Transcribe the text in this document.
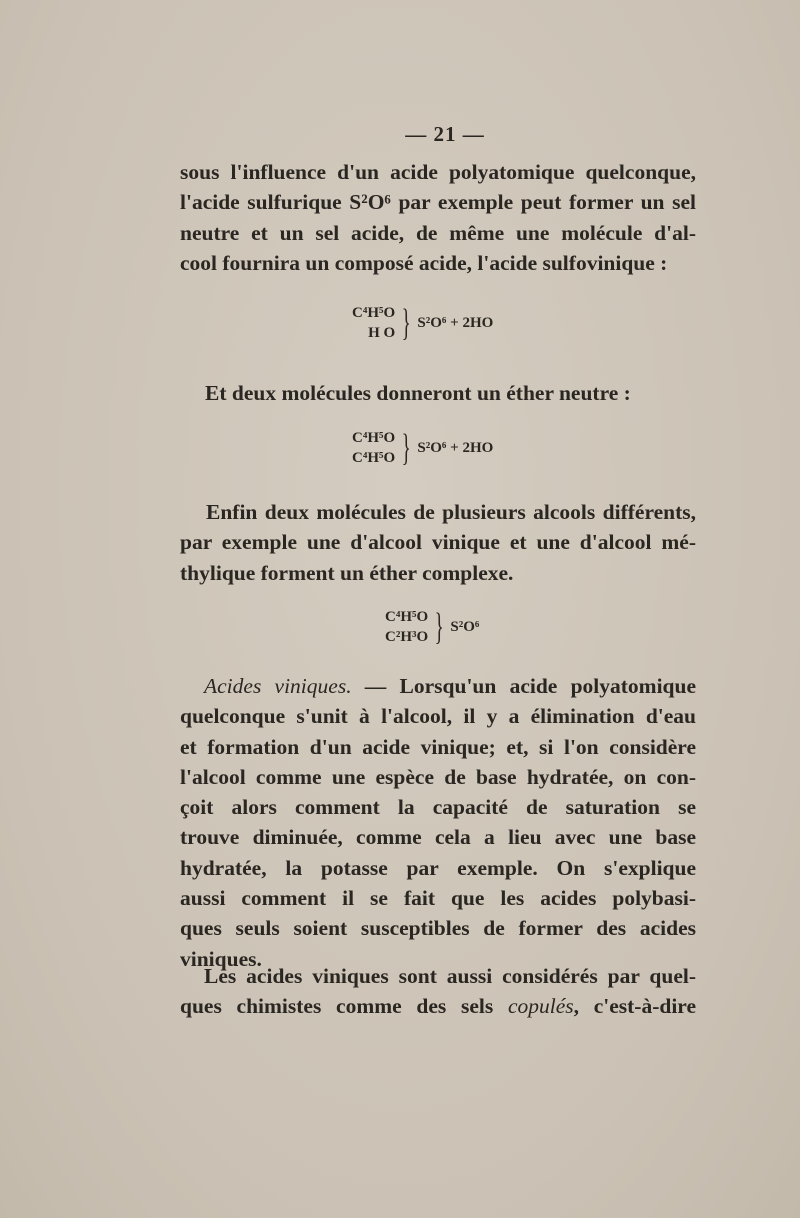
— 21 —
sous l'influence d'un acide polyatomique quelconque,
l'acide sulfurique S²O⁶ par exemple peut former un sel
neutre et un sel acide, de même une molécule d'al-
cool fournira un composé acide, l'acide sulfovinique :
C⁴H⁵O
H O } S²O⁶ + 2HO
Et deux molécules donneront un éther neutre :
C⁴H⁵O
C⁴H⁵O } S²O⁶ + 2HO
Enfin deux molécules de plusieurs alcools différents,
par exemple une d'alcool vinique et une d'alcool mé-
thylique forment un éther complexe.
C⁴H⁵O
C²H³O } S²O⁶
Acides viniques. — Lorsqu'un acide polyatomique
quelconque s'unit à l'alcool, il y a élimination d'eau
et formation d'un acide vinique; et, si l'on considère
l'alcool comme une espèce de base hydratée, on con-
çoit alors comment la capacité de saturation se
trouve diminuée, comme cela a lieu avec une base
hydratée, la potasse par exemple. On s'explique
aussi comment il se fait que les acides polybasi-
ques seuls soient susceptibles de former des acides
viniques.
Les acides viniques sont aussi considérés par quel-
ques chimistes comme des sels copulés, c'est-à-dire
